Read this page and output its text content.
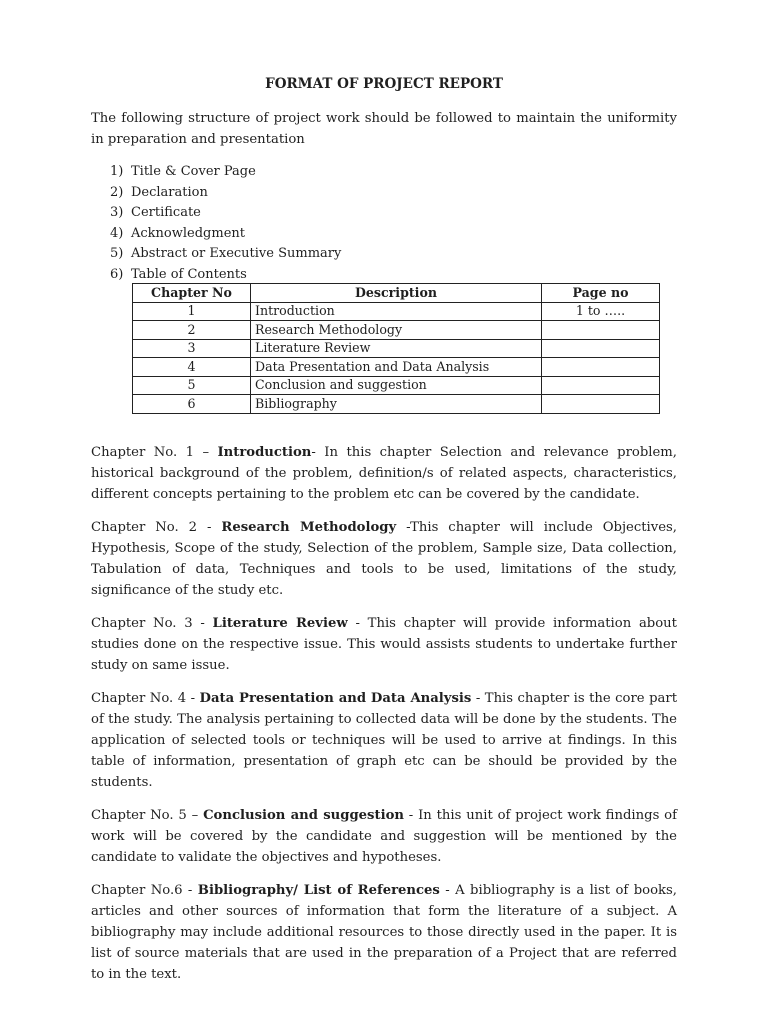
FORMAT OF PROJECT REPORT

The following structure of project work should be followed to maintain the uniformity in preparation and presentation

1) Title & Cover Page
2) Declaration
3) Certificate
4) Acknowledgment
5) Abstract or Executive Summary
6) Table of Contents
Chapter No	Description	Page no
1	Introduction	1 to …..
2	Research Methodology	
3	Literature Review	
4	Data Presentation and Data Analysis	
5	Conclusion and suggestion	
6	Bibliography	

Chapter No. 1 – Introduction- In this chapter Selection and relevance problem, historical background of the problem, definition/s of related aspects, characteristics, different concepts pertaining to the problem etc can be covered by the candidate.

Chapter No. 2 - Research Methodology -This chapter will include Objectives, Hypothesis, Scope of the study, Selection of the problem, Sample size, Data collection, Tabulation of data, Techniques and tools to be used, limitations of the study, significance of the study etc.

Chapter No. 3 - Literature Review - This chapter will provide information about studies done on the respective issue. This would assists students to undertake further study on same issue.

Chapter No. 4 - Data Presentation and Data Analysis - This chapter is the core part of the study. The analysis pertaining to collected data will be done by the students. The application of selected tools or techniques will be used to arrive at findings. In this table of information, presentation of graph etc can be should be provided by the students.

Chapter No. 5 – Conclusion and suggestion - In this unit of project work findings of work will be covered by the candidate and suggestion will be mentioned by the candidate to validate the objectives and hypotheses.

Chapter No.6 - Bibliography/ List of References - A bibliography is a list of books, articles and other sources of information that form the literature of a subject. A bibliography may include additional resources to those directly used in the paper. It is list of source materials that are used in the preparation of a Project that are referred to in the text.
